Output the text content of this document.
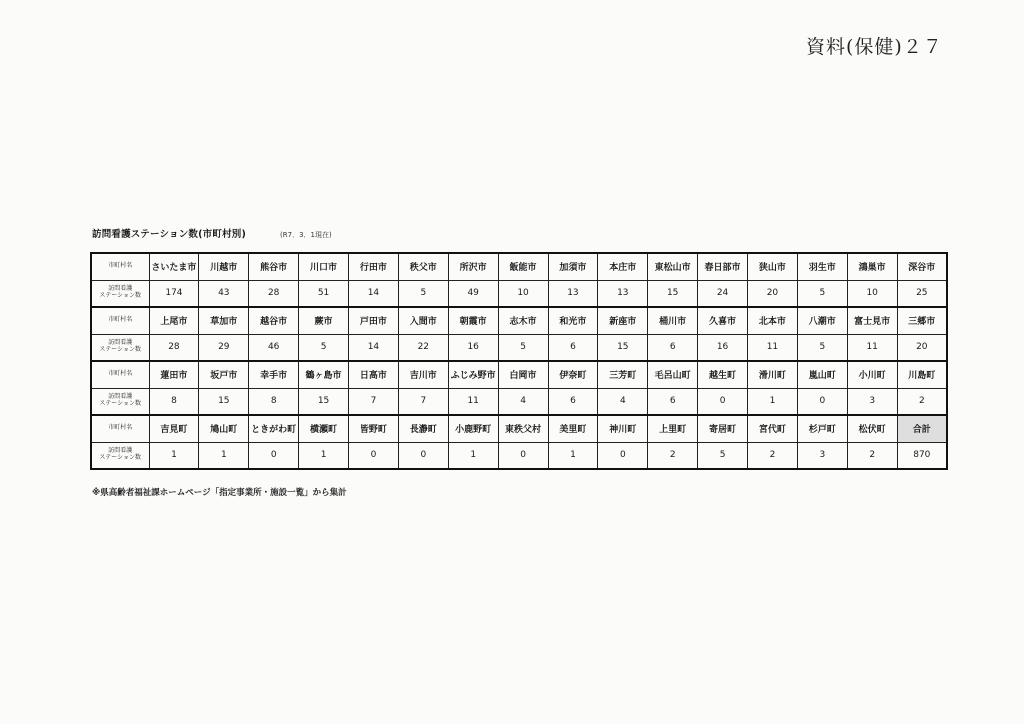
資料(保健)２７
訪問看護ステーション数(市町村別)	(R7．3．1現在)
市町村名	さいたま市	川越市	熊谷市	川口市	行田市	秩父市	所沢市	飯能市	加須市	本庄市	東松山市	春日部市	狭山市	羽生市	鴻巣市	深谷市

訪問看護
ステーション数	174	43	28	51	14	5	49	10	13	13	15	24	20	5	10	25
市町村名	上尾市	草加市	越谷市	蕨市	戸田市	入間市	朝霞市	志木市	和光市	新座市	桶川市	久喜市	北本市	八潮市	富士見市	三郷市

訪問看護
ステーション数	28	29	46	5	14	22	16	5	6	15	6	16	11	5	11	20
市町村名	蓮田市	坂戸市	幸手市	鶴ヶ島市	日高市	吉川市	ふじみ野市	白岡市	伊奈町	三芳町	毛呂山町	越生町	滑川町	嵐山町	小川町	川島町

訪問看護
ステーション数	8	15	8	15	7	7	11	4	6	4	6	0	1	0	3	2
市町村名	吉見町	鳩山町	ときがわ町	横瀬町	皆野町	長瀞町	小鹿野町	東秩父村	美里町	神川町	上里町	寄居町	宮代町	杉戸町	松伏町	合計

訪問看護
ステーション数	1	1	0	1	0	0	1	0	1	0	2	5	2	3	2	870
※県高齢者福祉課ホームページ「指定事業所・施設一覧」から集計
